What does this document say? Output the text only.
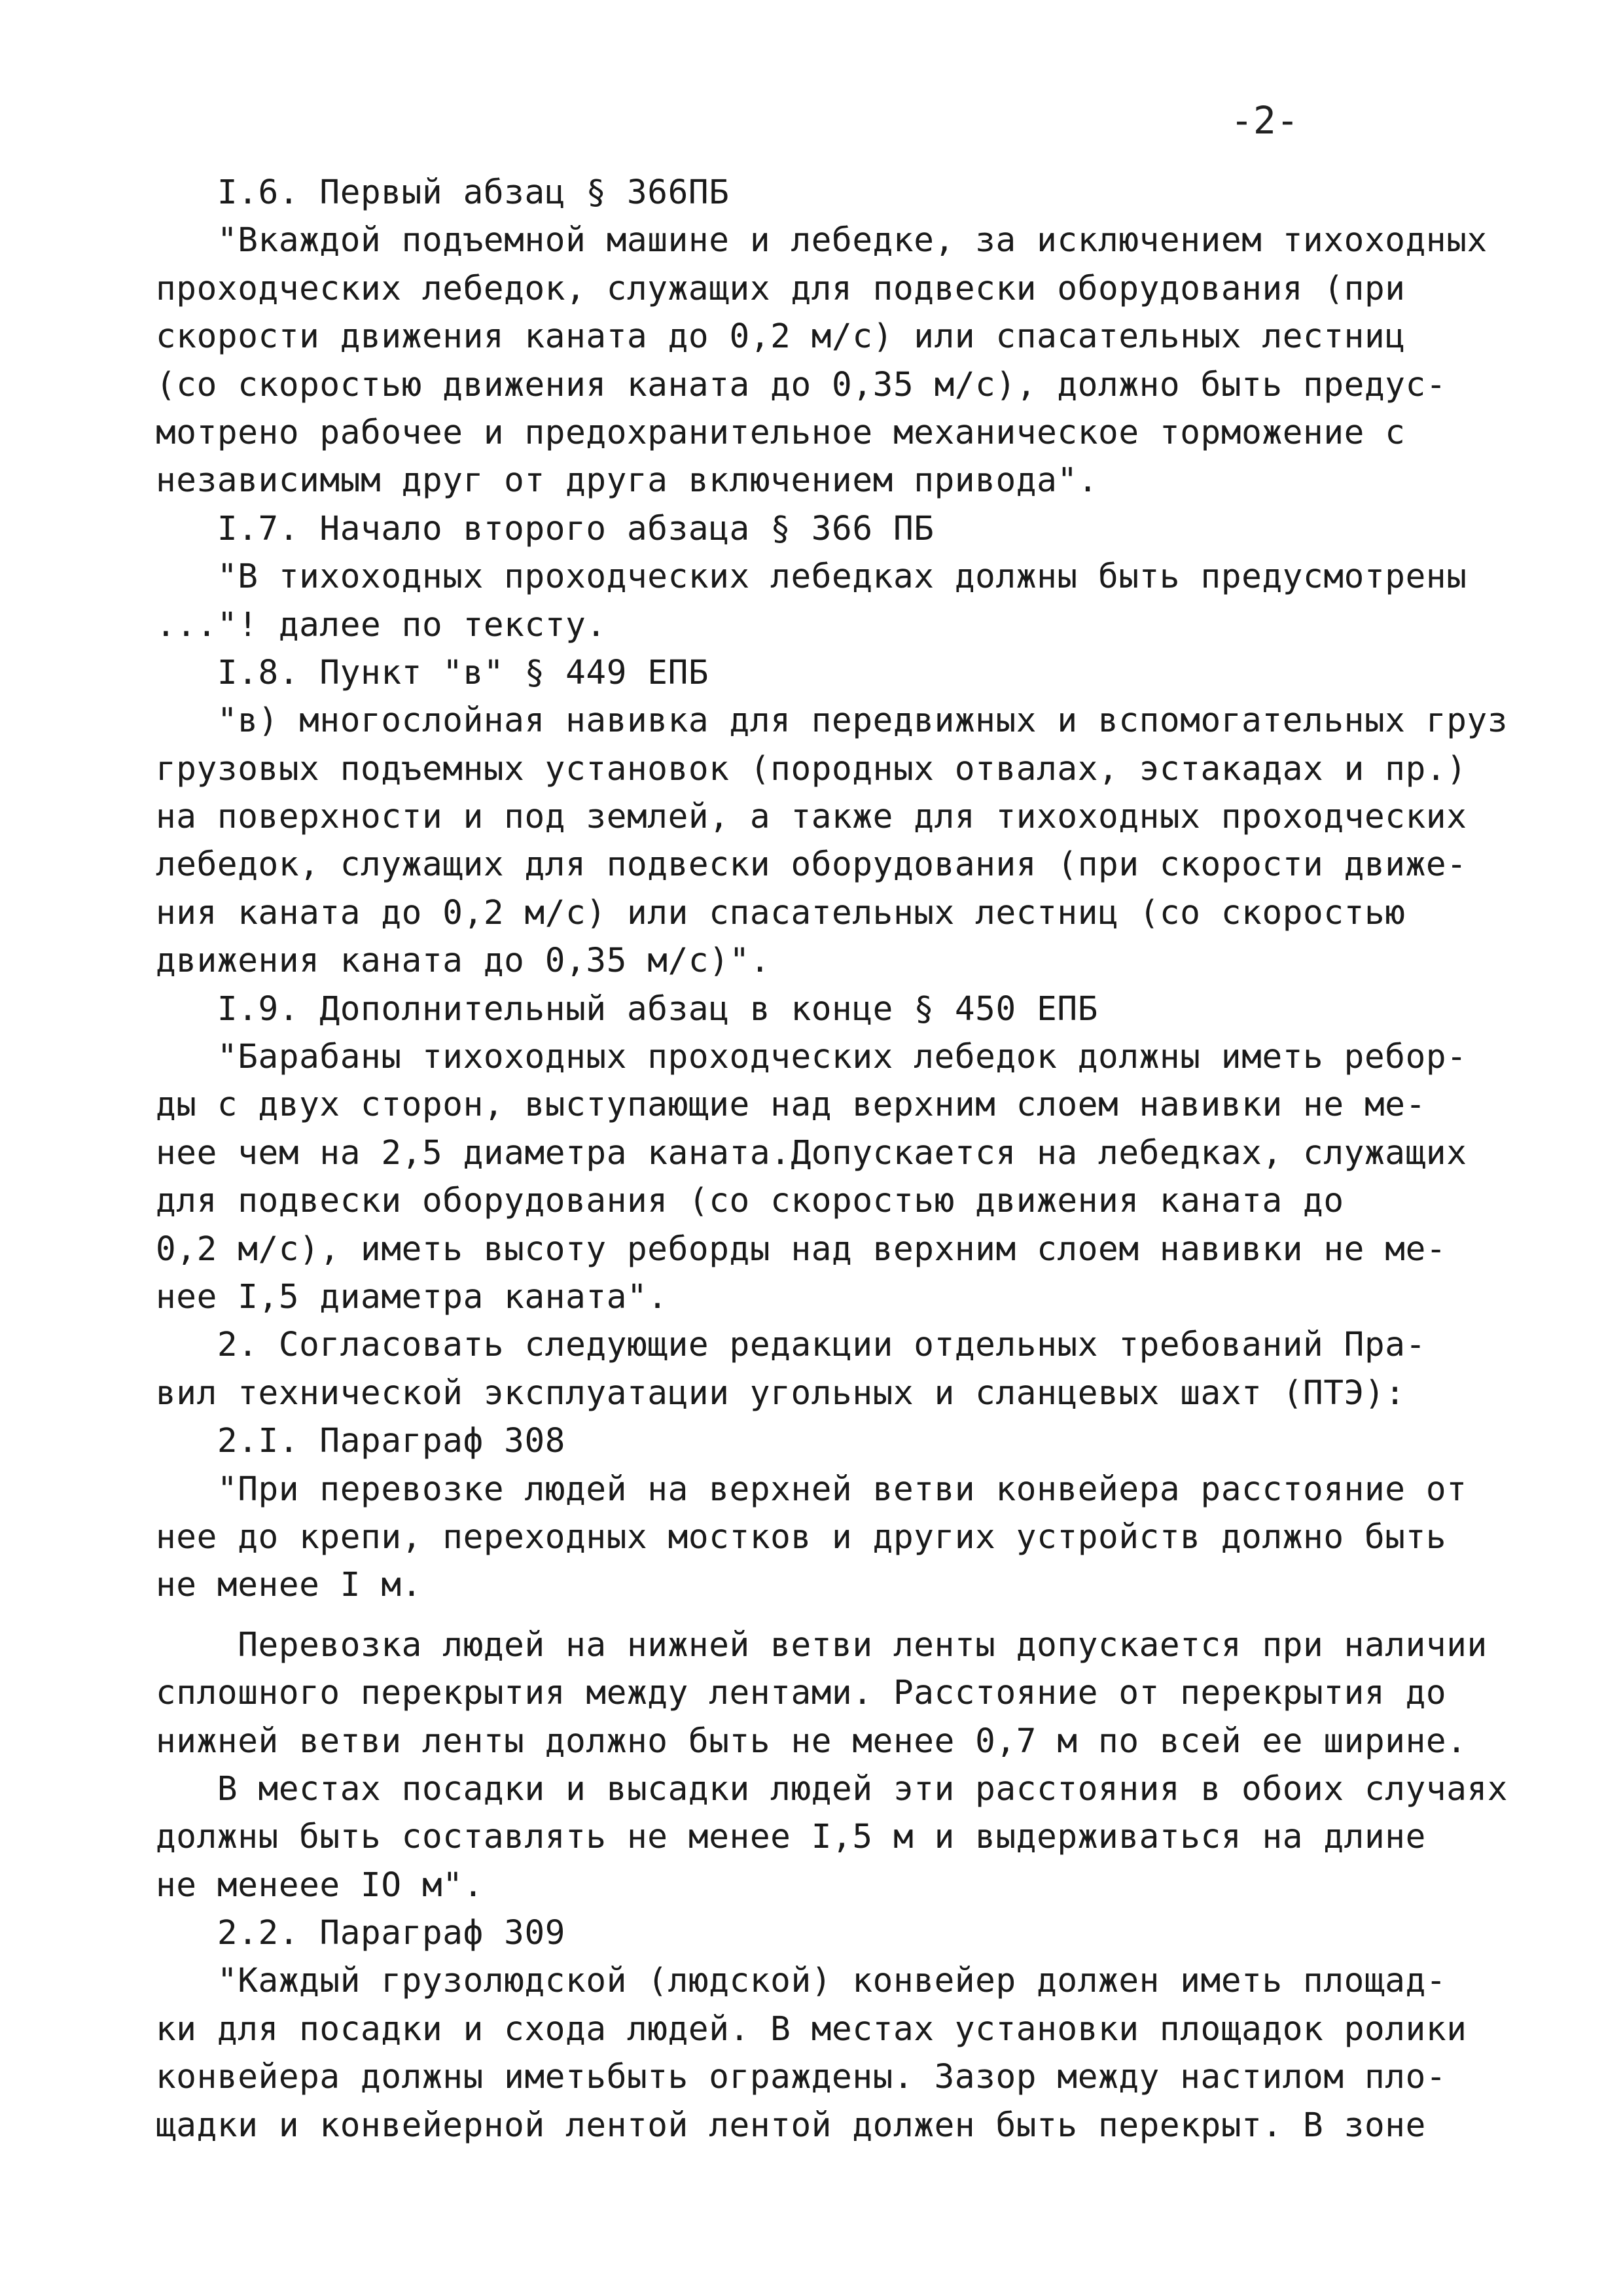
-2-
I.6. Первый абзац § 366ПБ
"Вкаждой подъемной машине и лебедке, за исключением тихоходных
проходческих лебедок, служащих для подвески оборудования (при
скорости движения каната до 0,2 м/с) или спасательных лестниц
(со скоростью движения каната до 0,35 м/с), должно быть предус-
мотрено рабочее и предохранительное механическое торможение с
независимым друг от друга включением привода".
I.7. Начало второго абзаца § 366 ПБ
"В тихоходных проходческих лебедках должны быть предусмотрены
..."! далее по тексту.
I.8. Пункт "в" § 449 ЕПБ
"в) многослойная навивка для передвижных и вспомогательных груз
грузовых подъемных установок (породных отвалах, эстакадах и пр.)
на поверхности и под землей, а также для тихоходных проходческих
лебедок, служащих для подвески оборудования (при скорости движе-
ния каната до 0,2 м/с) или спасательных лестниц (со скоростью
движения каната до 0,35 м/с)".
I.9. Дополнительный абзац в конце § 450 ЕПБ
"Барабаны тихоходных проходческих лебедок должны иметь ребор-
ды с двух сторон, выступающие над верхним слоем навивки не ме-
нее чем на 2,5 диаметра каната.Допускается на лебедках, служащих
для подвески оборудования (со скоростью движения каната до
0,2 м/с), иметь высоту реборды над верхним слоем навивки не ме-
нее I,5 диаметра каната".
2. Согласовать следующие редакции отдельных требований Пра-
вил технической эксплуатации угольных и сланцевых шахт (ПТЭ):
2.I. Параграф 308
"При перевозке людей на верхней ветви конвейера расстояние от
нее до крепи, переходных мостков и других устройств должно быть
не менее I м.
Перевозка людей на нижней ветви ленты допускается при наличии
сплошного перекрытия между лентами. Расстояние от перекрытия до
нижней ветви ленты должно быть не менее 0,7 м по всей ее ширине.
В местах посадки и высадки людей эти расстояния в обоих случаях
должны быть составлять не менее I,5 м и выдерживаться на длине
не менеее IO м".
2.2. Параграф 309
"Каждый грузолюдской (людской) конвейер должен иметь площад-
ки для посадки и схода людей. В местах установки площадок ролики
конвейера должны иметьбыть ограждены. Зазор между настилом пло-
щадки и конвейерной лентой лентой должен быть перекрыт. В зоне
